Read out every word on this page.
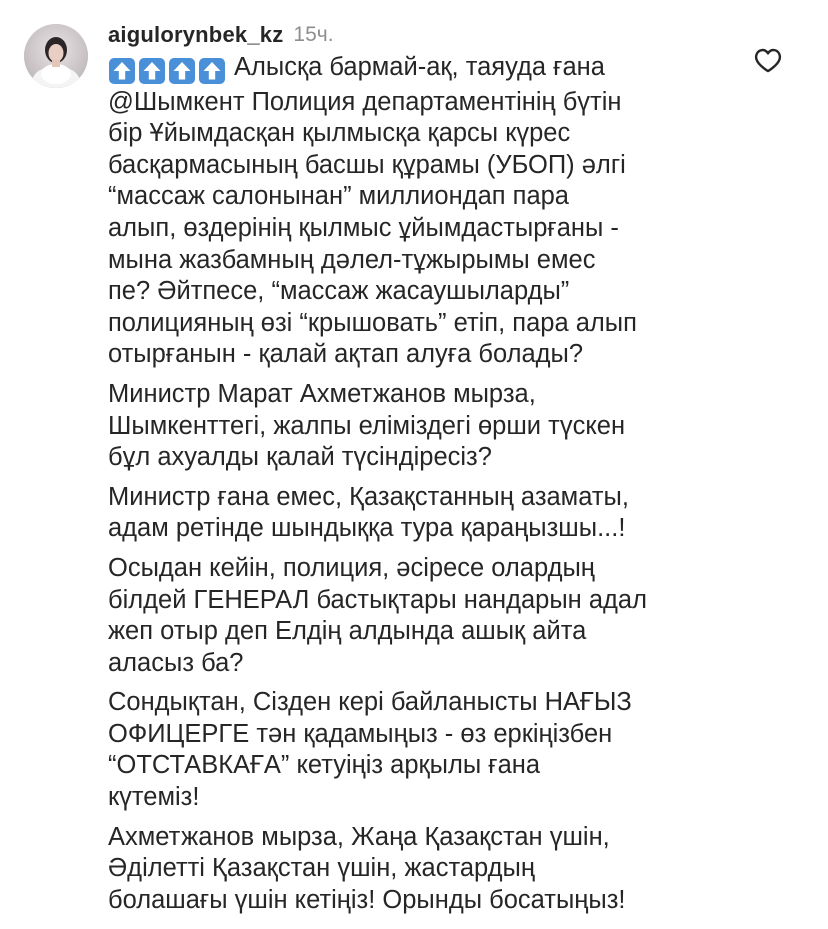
aigulorynbek_kz 15ч.
Алысқа бармай-ақ, таяуда ғана
@Шымкент Полиция департаментінің бүтін
бір Ұйымдасқан қылмысқа қарсы күрес
басқармасының басшы құрамы (УБОП) әлгі
“массаж салонынан” миллиондап пара
алып, өздерінің қылмыс ұйымдастырғаны -
мына жазбамның дәлел-тұжырымы емес
пе? Әйтпесе, “массаж жасаушыларды”
полицияның өзі “крышовать” етіп, пара алып
отырғанын - қалай ақтап алуға болады?
Министр Марат Ахметжанов мырза,
Шымкенттегі, жалпы еліміздегі өрши түскен
бұл ахуалды қалай түсіндіресіз?
Министр ғана емес, Қазақстанның азаматы,
адам ретінде шындыққа тура қараңызшы...!
Осыдан кейін, полиция, әсіресе олардың
білдей ГЕНЕРАЛ бастықтары нандарын адал
жеп отыр деп Елдің алдында ашық айта
аласыз ба?
Сондықтан, Сізден кері байланысты НАҒЫЗ
ОФИЦЕРГЕ тән қадамыңыз - өз еркіңізбен
“ОТСТАВКАҒА” кетуіңіз арқылы ғана
күтеміз!
Ахметжанов мырза, Жаңа Қазақстан үшін,
Әділетті Қазақстан үшін, жастардың
болашағы үшін кетіңіз! Орынды босатыңыз!
